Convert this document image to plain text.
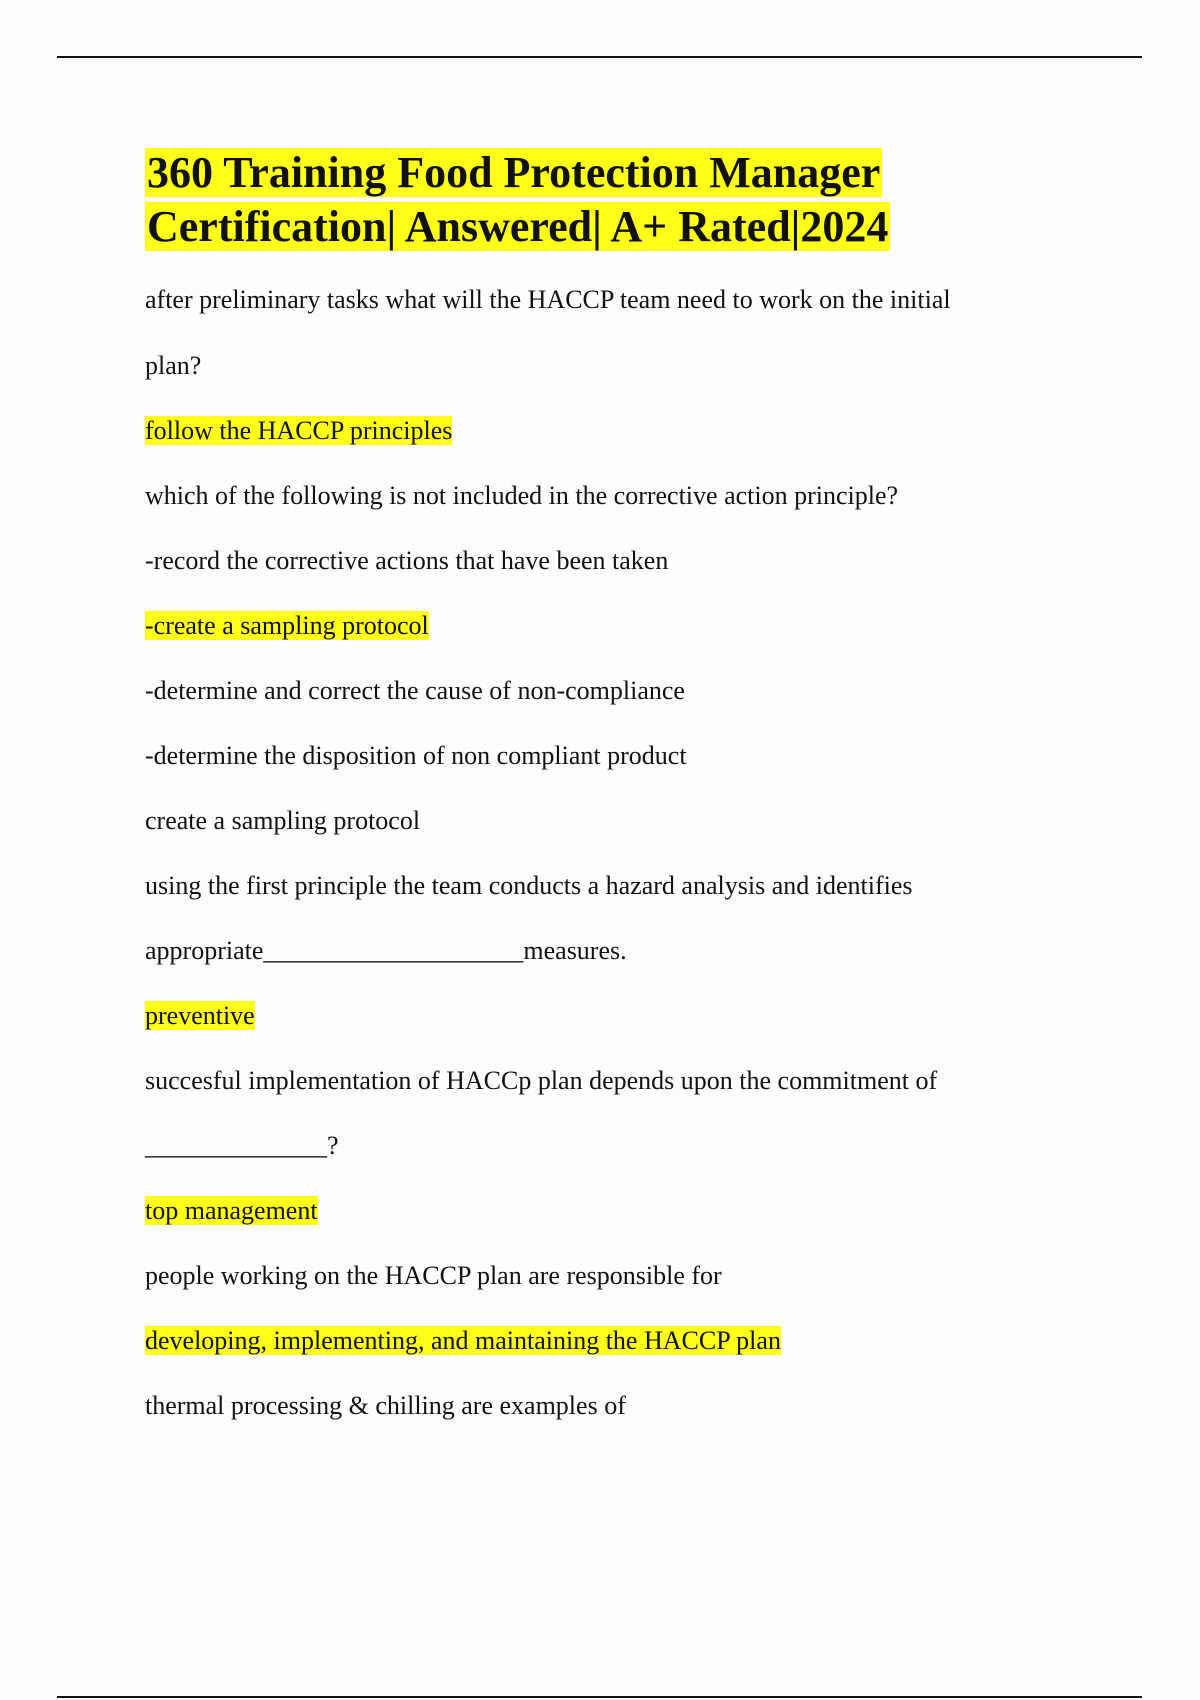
360 Training Food Protection Manager
Certification| Answered| A+ Rated|2024

after preliminary tasks what will the HACCP team need to work on the initial

plan?

follow the HACCP principles

which of the following is not included in the corrective action principle?

-record the corrective actions that have been taken

-create a sampling protocol

-determine and correct the cause of non-compliance

-determine the disposition of non compliant product

create a sampling protocol

using the first principle the team conducts a hazard analysis and identifies

appropriate____________________measures.

preventive

succesful implementation of HACCp plan depends upon the commitment of

______________?

top management

people working on the HACCP plan are responsible for

developing, implementing, and maintaining the HACCP plan

thermal processing & chilling are examples of
